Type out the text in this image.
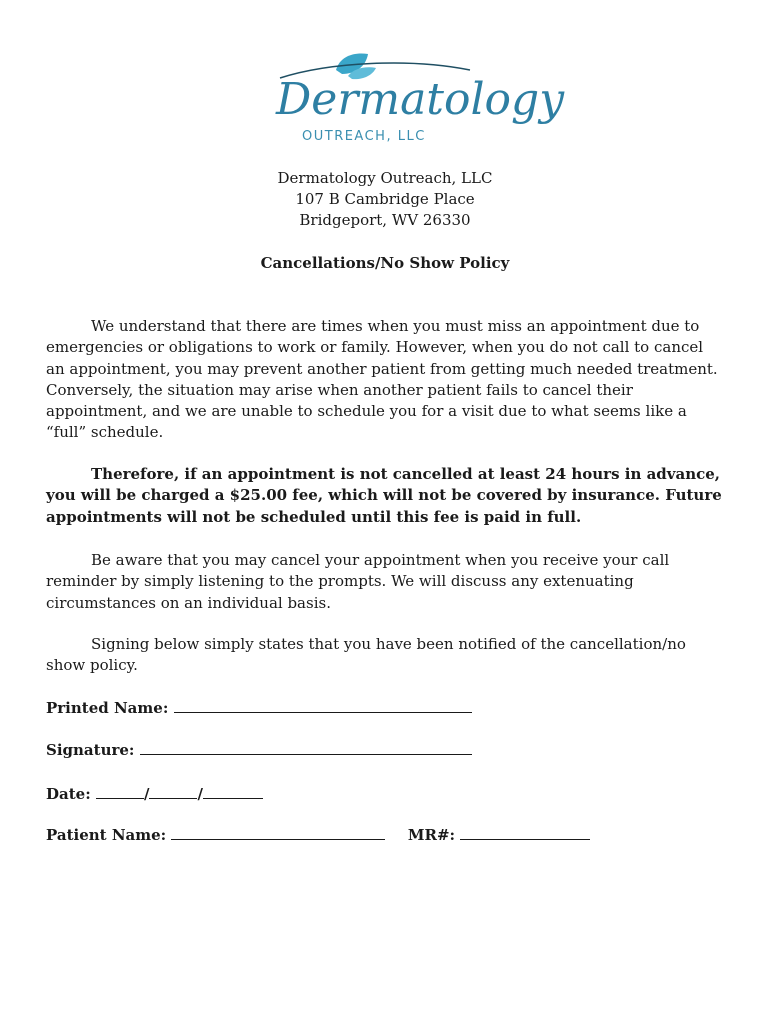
Dermatology
OUTREACH, LLC
Dermatology Outreach, LLC
107 B Cambridge Place
Bridgeport, WV 26330
Cancellations/No Show Policy
We understand that there are times when you must miss an appointment due to emergencies or obligations to work or family. However, when you do not call to cancel an appointment, you may prevent another patient from getting much needed treatment. Conversely, the situation may arise when another patient fails to cancel their appointment, and we are unable to schedule you for a visit due to what seems like a “full” schedule.
Therefore, if an appointment is not cancelled at least 24 hours in advance, you will be charged a $25.00 fee, which will not be covered by insurance. Future appointments will not be scheduled until this fee is paid in full.
Be aware that you may cancel your appointment when you receive your call reminder by simply listening to the prompts. We will discuss any extenuating circumstances on an individual basis.
Signing below simply states that you have been notified of the cancellation/no show policy.
Printed Name:
Signature:
Date:	/	/
Patient Name:	MR#:
